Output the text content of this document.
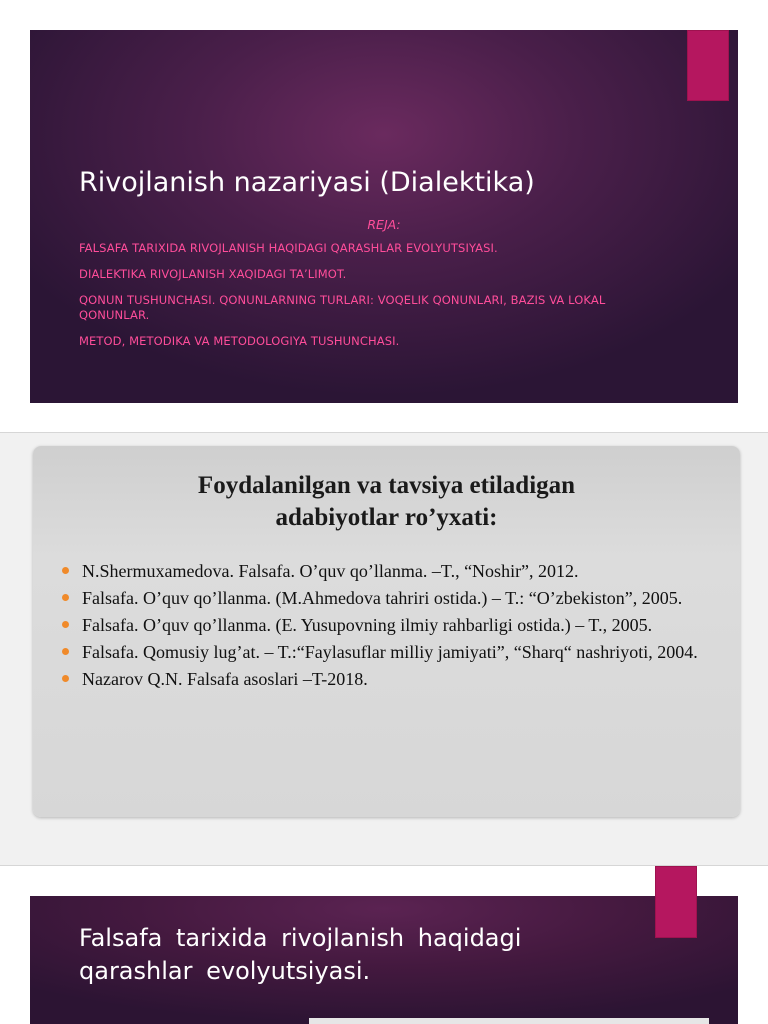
Rivojlanish nazariyasi (Dialektika)
REJA:
FALSAFA TARIXIDA RIVOJLANISH HAQIDAGI QARASHLAR EVOLYUTSIYASI.
DIALEKTIKA RIVOJLANISH XAQIDAGI TA’LIMOT.
QONUN TUSHUNCHASI. QONUNLARNING TURLARI: VOQELIK QONUNLARI, BAZIS VA LOKAL QONUNLAR.
METOD, METODIKA VA METODOLOGIYA TUSHUNCHASI.
Foydalanilgan va tavsiya etiladigan
adabiyotlar ro’yxati:
N.Shermuxamedova. Falsafa. O’quv qo’llanma. –T., “Noshir”, 2012.
Falsafa. O’quv qo’llanma. (M.Ahmedova tahriri ostida.) – T.: “O’zbekiston”, 2005.
Falsafa. O’quv qo’llanma. (E. Yusupovning ilmiy rahbarligi ostida.) – T., 2005.
Falsafa. Qomusiy lug’at. – T.:“Faylasuflar milliy jamiyati”, “Sharq“ nashriyoti, 2004.
Nazarov Q.N. Falsafa asoslari –T-2018.
Falsafa tarixida rivojlanish haqidagi
qarashlar evolyutsiyasi.
